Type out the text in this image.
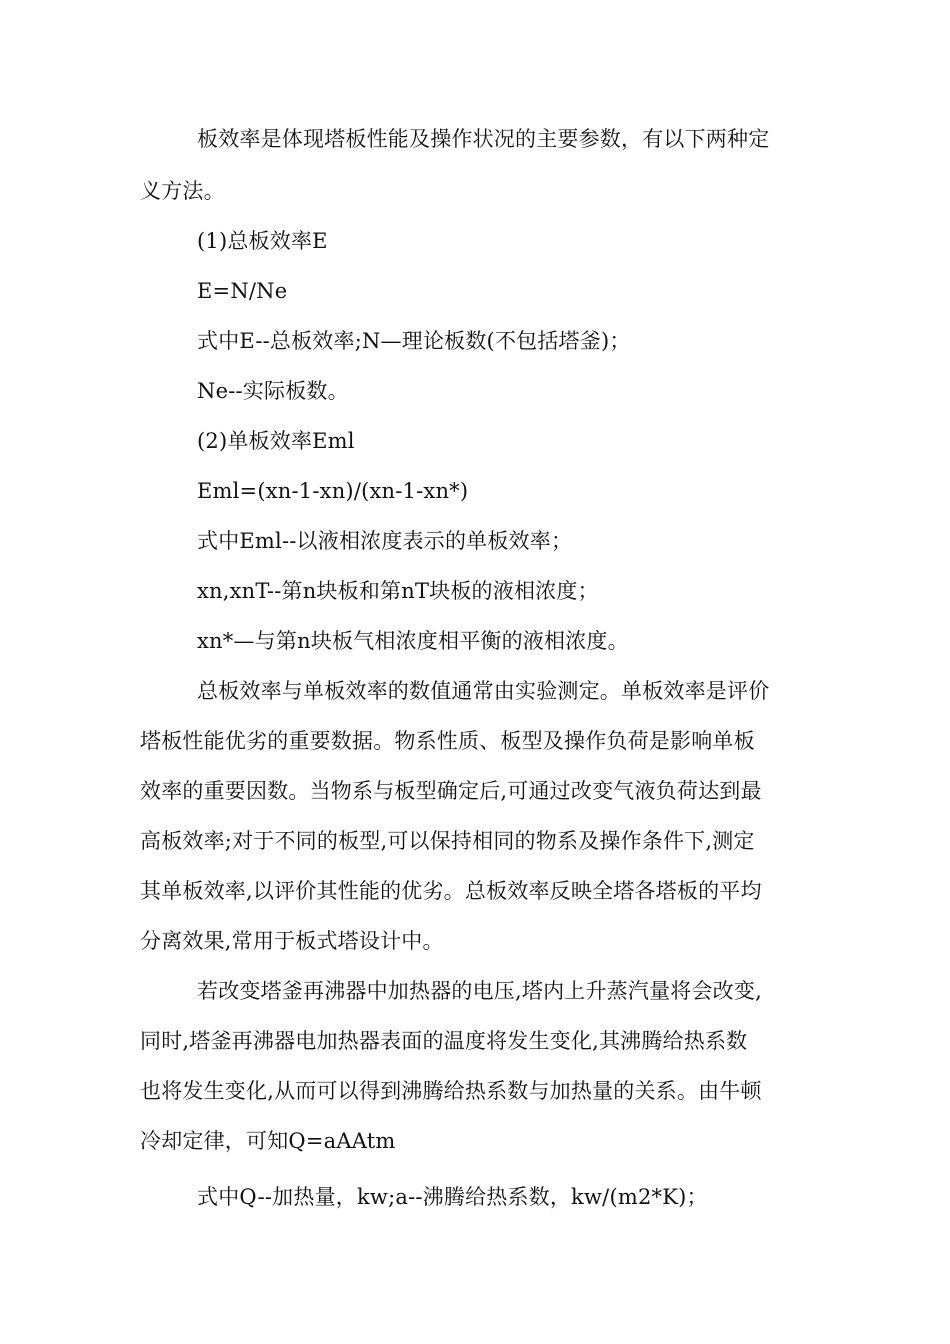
板效率是体现塔板性能及操作状况的主要参数，有以下两种定
义方法。
(1)总板效率E
E=N/Ne
式中E--总板效率;N—理论板数(不包括塔釜)；
Ne--实际板数。
(2)单板效率Eml
Eml=(xn-1-xn)/(xn-1-xn*)
式中Eml--以液相浓度表示的单板效率；
xn,xnT--第n块板和第nT块板的液相浓度；
xn*—与第n块板气相浓度相平衡的液相浓度。
总板效率与单板效率的数值通常由实验测定。单板效率是评价
塔板性能优劣的重要数据。物系性质、板型及操作负荷是影响单板
效率的重要因数。当物系与板型确定后,可通过改变气液负荷达到最
高板效率;对于不同的板型,可以保持相同的物系及操作条件下,测定
其单板效率,以评价其性能的优劣。总板效率反映全塔各塔板的平均
分离效果,常用于板式塔设计中。
若改变塔釜再沸器中加热器的电压,塔内上升蒸汽量将会改变,
同时,塔釜再沸器电加热器表面的温度将发生变化,其沸腾给热系数
也将发生变化,从而可以得到沸腾给热系数与加热量的关系。由牛顿
冷却定律，可知Q=aAAtm
式中Q--加热量，kw;a--沸腾给热系数，kw/(m2*K)；
